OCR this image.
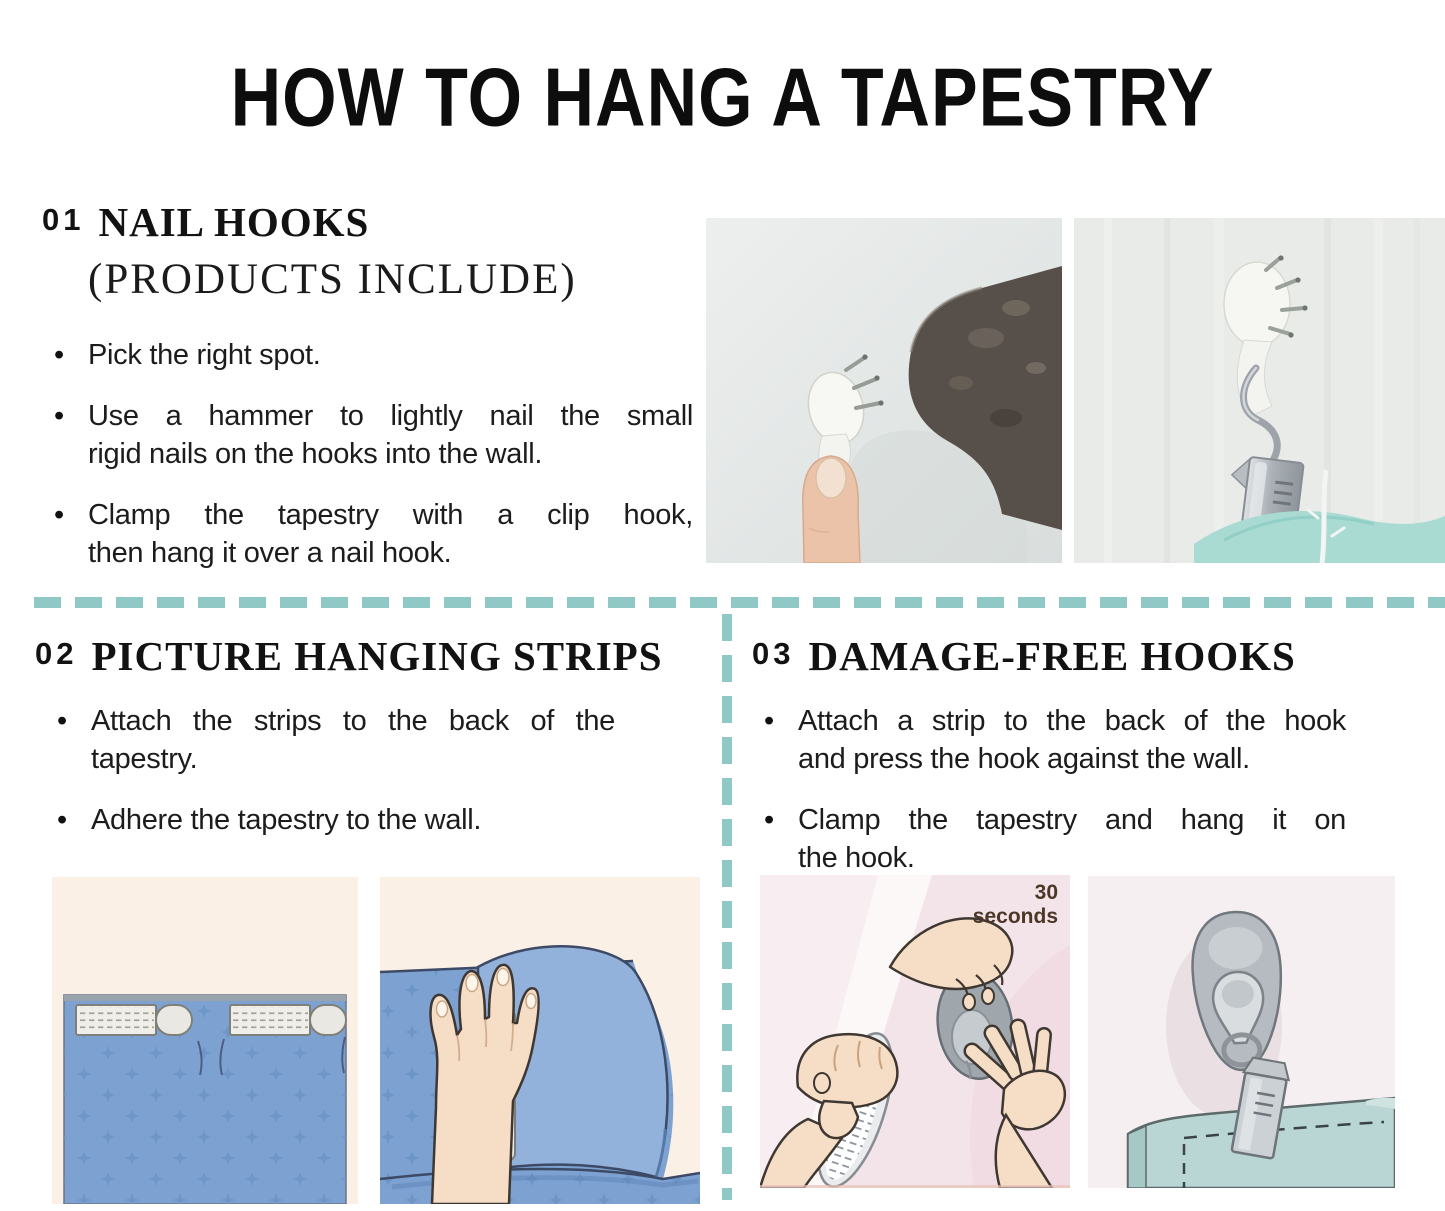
HOW TO HANG A TAPESTRY
01 NAIL HOOKS
(PRODUCTS INCLUDE)
• Pick the right spot.
• Use a hammer to lightly nail the small
rigid nails on the hooks into the wall.
• Clamp the tapestry with a clip hook,
then hang it over a nail hook.
02 PICTURE HANGING STRIPS
• Attach the strips to the back of the
tapestry.
• Adhere the tapestry to the wall.
03 DAMAGE-FREE HOOKS
• Attach a strip to the back of the hook
and press the hook against the wall.
• Clamp the tapestry and hang it on
the hook.
30 seconds
